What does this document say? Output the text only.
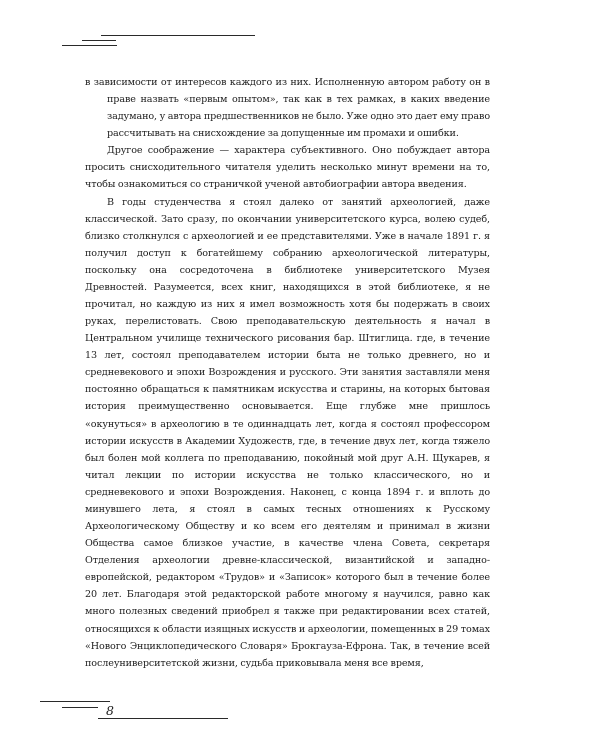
в зависимости от интересов каждого из них. Исполненную автором работу он в праве назвать «первым опытом», так как в тех рамках, в каких введение задумано, у автора предшественников не было. Уже одно это дает ему право рассчитывать на снисхождение за допущенные им промахи и ошибки.

Другое соображение — характера субъективного. Оно побуждает автора просить снисходительного читателя уделить несколько минут времени на то, чтобы ознакомиться со страничкой ученой автобиографии автора введения.

В годы студенчества я стоял далеко от занятий археологией, даже классической. Зато сразу, по окончании университетского курса, волею судеб, близко столкнулся с археологией и ее представителями. Уже в начале 1891 г. я получил доступ к богатейшему собранию археологической литературы, поскольку она сосредоточена в библиотеке университетского Музея Древностей. Разумеется, всех книг, находящихся в этой библиотеке, я не прочитал, но каждую из них я имел возможность хотя бы подержать в своих руках, перелистовать. Свою преподавательскую деятельность я начал в Центральном училище технического рисования бар. Штиглица. где, в течение 13 лет, состоял преподавателем истории быта не только древнего, но и средневекового и эпохи Возрождения и русского. Эти занятия заставляли меня постоянно обращаться к памятникам искусства и старины, на которых бытовая история преимущественно основывается. Еще глубже мне пришлось «окунуться» в археологию в те одиннадцать лет, когда я состоял профессором истории искусств в Академии Художеств, где, в течение двух лет, когда тяжело был болен мой коллега по преподаванию, покойный мой друг А.Н. Щукарев, я читал лекции по истории искусства не только классического, но и средневекового и эпохи Возрождения. Наконец, с конца 1894 г. и вплоть до минувшего лета, я стоял в самых тесных отношениях к Русскому Археологическому Обществу и ко всем его деятелям и принимал в жизни Общества самое близкое участие, в качестве члена Совета, секретаря Отделения археологии древне-классической, византийской и западно-европейской, редактором «Трудов» и «Записок» которого был в течение более 20 лет. Благодаря этой редакторской работе многому я научился, равно как много полезных сведений приобрел я также при редактировании всех статей, относящихся к области изящных искусств и археологии, помещенных в 29 томах «Нового Энциклопедического Словаря» Брокгауза-Ефрона. Так, в течение всей послеуниверситетской жизни, судьба приковывала меня все время,

8
